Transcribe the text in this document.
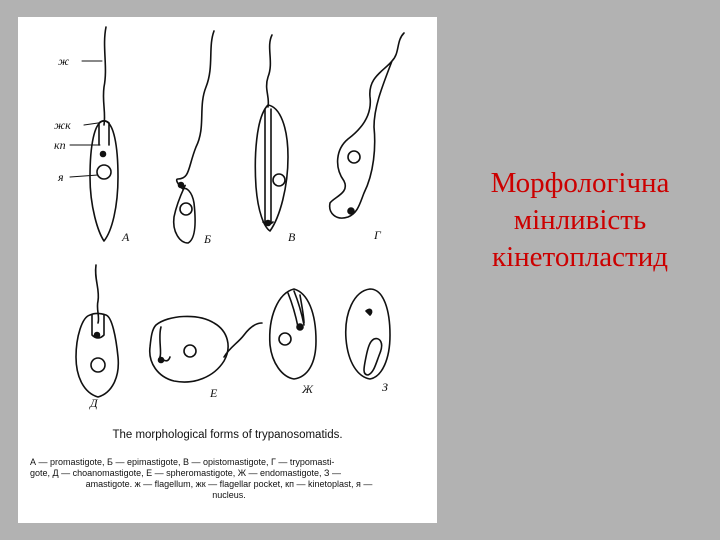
ж
жк
кп
я
А	Б	В	Г
Д
Е	Ж	З
The morphological forms of trypanosomatids.
А — promastigote, Б — epimastigote, В — opistomastigote, Г — trypomasti-
gote, Д — choanomastigote, Е — spheromastigote, Ж — endomastigote, З —
amastigote. ж — flagellum, жк — flagellar pocket, кп — kinetoplast, я —
nucleus.
Морфологічна
мінливість
кінетопластид
